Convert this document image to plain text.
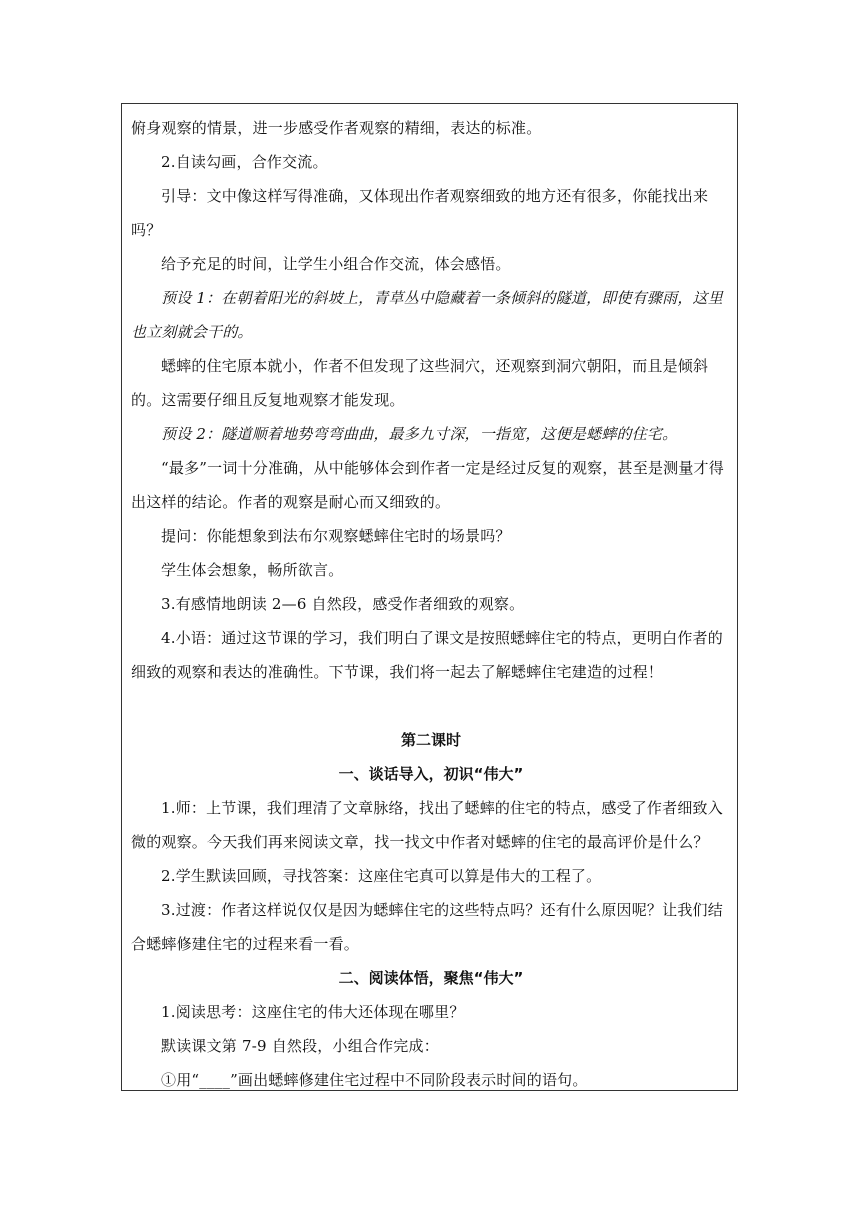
俯身观察的情景，进一步感受作者观察的精细，表达的标准。

2.自读勾画，合作交流。

引导：文中像这样写得准确，又体现出作者观察细致的地方还有很多，你能找出来吗？

给予充足的时间，让学生小组合作交流，体会感悟。

预设 1：在朝着阳光的斜坡上，青草丛中隐藏着一条倾斜的隧道，即使有骤雨，这里也立刻就会干的。

蟋蟀的住宅原本就小，作者不但发现了这些洞穴，还观察到洞穴朝阳，而且是倾斜的。这需要仔细且反复地观察才能发现。

预设 2：隧道顺着地势弯弯曲曲，最多九寸深，一指宽，这便是蟋蟀的住宅。

“最多”一词十分准确，从中能够体会到作者一定是经过反复的观察，甚至是测量才得出这样的结论。作者的观察是耐心而又细致的。

提问：你能想象到法布尔观察蟋蟀住宅时的场景吗？

学生体会想象，畅所欲言。

3.有感情地朗读 2—6 自然段，感受作者细致的观察。

4.小语：通过这节课的学习，我们明白了课文是按照蟋蟀住宅的特点，更明白作者的细致的观察和表达的准确性。下节课，我们将一起去了解蟋蟀住宅建造的过程！

第二课时

一、谈话导入，初识“伟大”

1.师：上节课，我们理清了文章脉络，找出了蟋蟀的住宅的特点，感受了作者细致入微的观察。今天我们再来阅读文章，找一找文中作者对蟋蟀的住宅的最高评价是什么？

2.学生默读回顾，寻找答案：这座住宅真可以算是伟大的工程了。

3.过渡：作者这样说仅仅是因为蟋蟀住宅的这些特点吗？还有什么原因呢？让我们结合蟋蟀修建住宅的过程来看一看。

二、阅读体悟，聚焦“伟大”

1.阅读思考：这座住宅的伟大还体现在哪里？

默读课文第 7-9 自然段，小组合作完成：

①用“____”画出蟋蟀修建住宅过程中不同阶段表示时间的语句。
